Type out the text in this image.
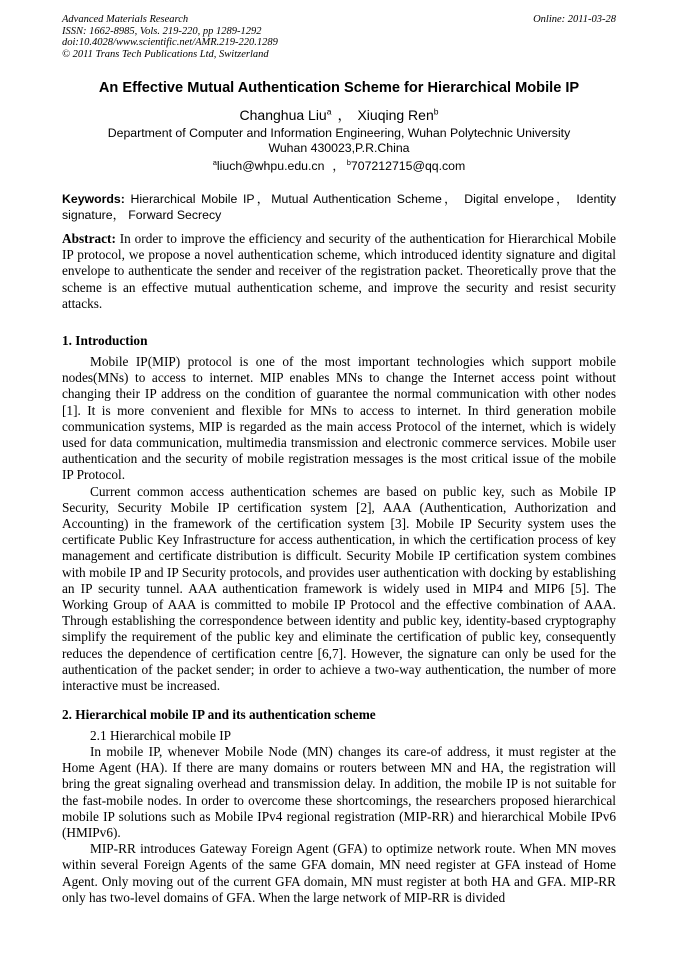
Advanced Materials Research
ISSN: 1662-8985, Vols. 219-220, pp 1289-1292
doi:10.4028/www.scientific.net/AMR.219-220.1289
© 2011 Trans Tech Publications Ltd, Switzerland
Online: 2011-03-28
An Effective Mutual Authentication Scheme for Hierarchical Mobile IP
Changhua Liu$^a$ ， Xiuqing Ren$^b$
Department of Computer and Information Engineering, Wuhan Polytechnic University
Wuhan 430023,P.R.China
$^a$liuch@whpu.edu.cn ， $^b$707212715@qq.com
Keywords: Hierarchical Mobile IP，Mutual Authentication Scheme， Digital envelope， Identity signature， Forward Secrecy
Abstract: In order to improve the efficiency and security of the authentication for Hierarchical Mobile IP protocol, we propose a novel authentication scheme, which introduced identity signature and digital envelope to authenticate the sender and receiver of the registration packet. Theoretically prove that the scheme is an effective mutual authentication scheme, and improve the security and resist security attacks.
1. Introduction

Mobile IP(MIP) protocol is one of the most important technologies which support mobile nodes(MNs) to access to internet. MIP enables MNs to change the Internet access point without changing their IP address on the condition of guarantee the normal communication with other nodes [1]. It is more convenient and flexible for MNs to access to internet. In third generation mobile communication systems, MIP is regarded as the main access Protocol of the internet, which is widely used for data communication, multimedia transmission and electronic commerce services. Mobile user authentication and the security of mobile registration messages is the most critical issue of the mobile IP Protocol.

Current common access authentication schemes are based on public key, such as Mobile IP Security, Security Mobile IP certification system [2], AAA (Authentication, Authorization and Accounting) in the framework of the certification system [3]. Mobile IP Security system uses the certificate Public Key Infrastructure for access authentication, in which the certification process of key management and certificate distribution is difficult. Security Mobile IP certification system combines with mobile IP and IP Security protocols, and provides user authentication with docking by establishing an IP security tunnel. AAA authentication framework is widely used in MIP4 and MIP6 [5]. The Working Group of AAA is committed to mobile IP Protocol and the effective combination of AAA. Through establishing the correspondence between identity and public key, identity-based cryptography simplify the requirement of the public key and eliminate the certification of public key, consequently reduces the dependence of certification centre [6,7]. However, the signature can only be used for the authentication of the packet sender; in order to achieve a two-way authentication, the number of more interactive must be increased.

2. Hierarchical mobile IP and its authentication scheme
2.1 Hierarchical mobile IP

In mobile IP, whenever Mobile Node (MN) changes its care-of address, it must register at the Home Agent (HA). If there are many domains or routers between MN and HA, the registration will bring the great signaling overhead and transmission delay. In addition, the mobile IP is not suitable for the fast-mobile nodes. In order to overcome these shortcomings, the researchers proposed hierarchical mobile IP solutions such as Mobile IPv4 regional registration (MIP-RR) and hierarchical Mobile IPv6 (HMIPv6).

MIP-RR introduces Gateway Foreign Agent (GFA) to optimize network route. When MN moves within several Foreign Agents of the same GFA domain, MN need register at GFA instead of Home Agent. Only moving out of the current GFA domain, MN must register at both HA and GFA. MIP-RR only has two-level domains of GFA. When the large network of MIP-RR is divided
